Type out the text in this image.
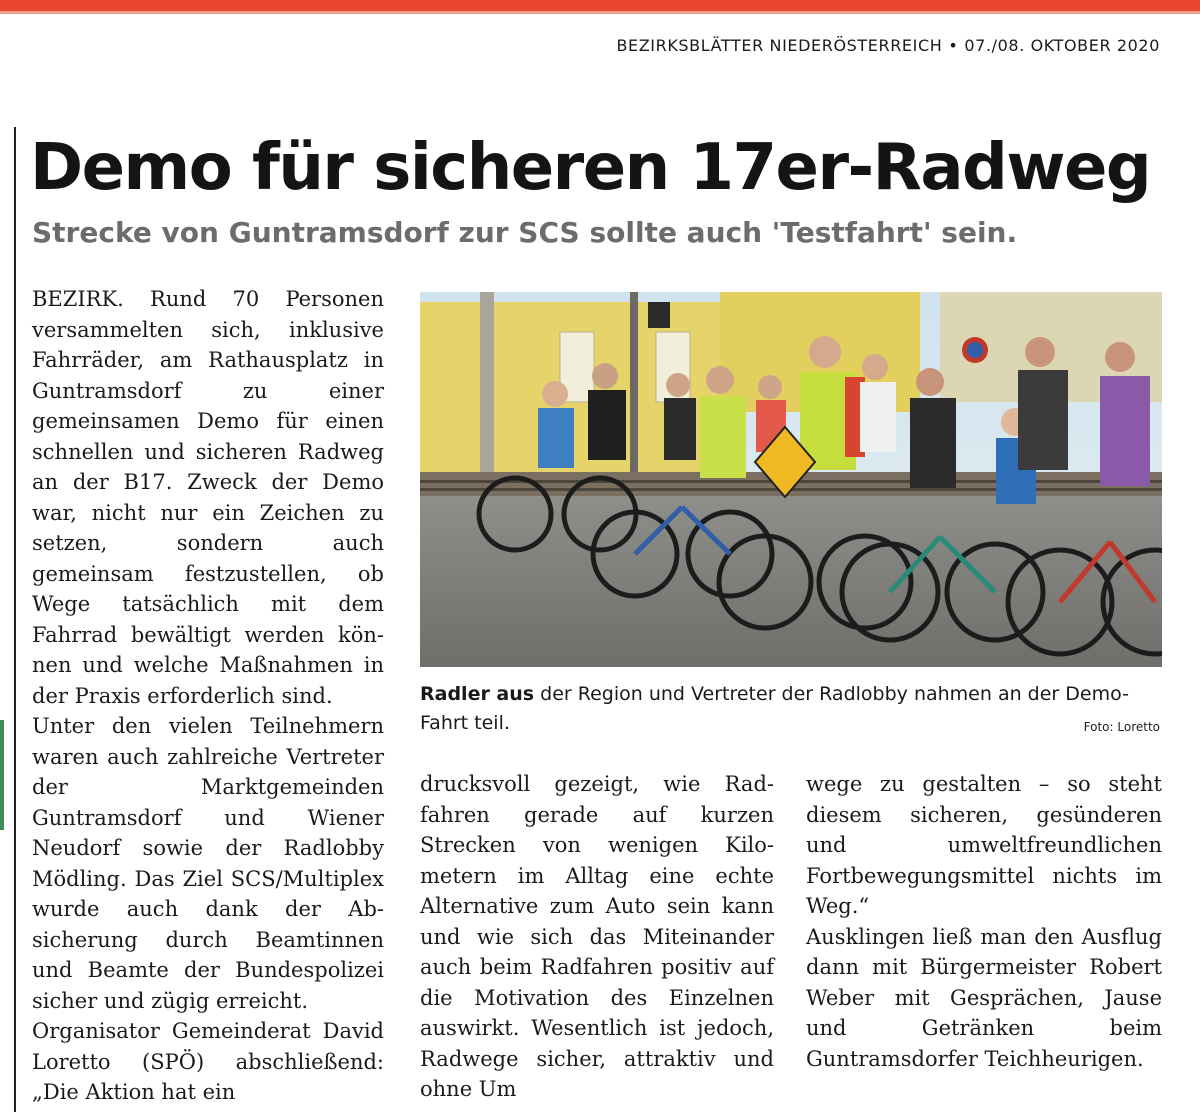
BEZIRKSBLÄTTER NIEDERÖSTERREICH • 07./08. OKTOBER 2020
Demo für sicheren 17er-Radweg
Strecke von Guntramsdorf zur SCS sollte auch 'Testfahrt' sein.

BEZIRK. Rund 70 Personen versammelten sich, inklusive Fahrräder, am Rathausplatz in Guntramsdorf zu einer gemeinsamen Demo für einen schnellen und sicheren Radweg an der B17. Zweck der Demo war, nicht nur ein Zeichen zu setzen, sondern auch gemeinsam festzustellen, ob Wege tatsächlich mit dem Fahrrad bewältigt werden können und welche Maßnahmen in der Praxis erforderlich sind.

Unter den vielen Teilnehmern waren auch zahlreiche Vertreter der Marktgemeinden Guntramsdorf und Wiener Neudorf sowie der Radlobby Mödling. Das Ziel SCS/Multiplex wurde auch dank der Absicherung durch Beamtinnen und Beamte der Bundespolizei sicher und zügig erreicht.

Organisator Gemeinderat David Loretto (SPÖ) abschließend: „Die Aktion hat ein

Radler aus der Region und Vertreter der Radlobby nahmen an der Demo-Fahrt teil.	Foto: Loretto

drucksvoll gezeigt, wie Radfahren gerade auf kurzen Strecken von wenigen Kilometern im Alltag eine echte Alternative zum Auto sein kann und wie sich das Miteinander auch beim Radfahren positiv auf die Motivation des Einzelnen auswirkt. Wesentlich ist jedoch, Radwege sicher, attraktiv und ohne Um

wege zu gestalten – so steht diesem sicheren, gesünderen und umweltfreundlichen Fortbewegungsmittel nichts im Weg.“

Ausklingen ließ man den Ausflug dann mit Bürgermeister Robert Weber mit Gesprächen, Jause und Getränken beim Guntramsdorfer Teichheurigen.
